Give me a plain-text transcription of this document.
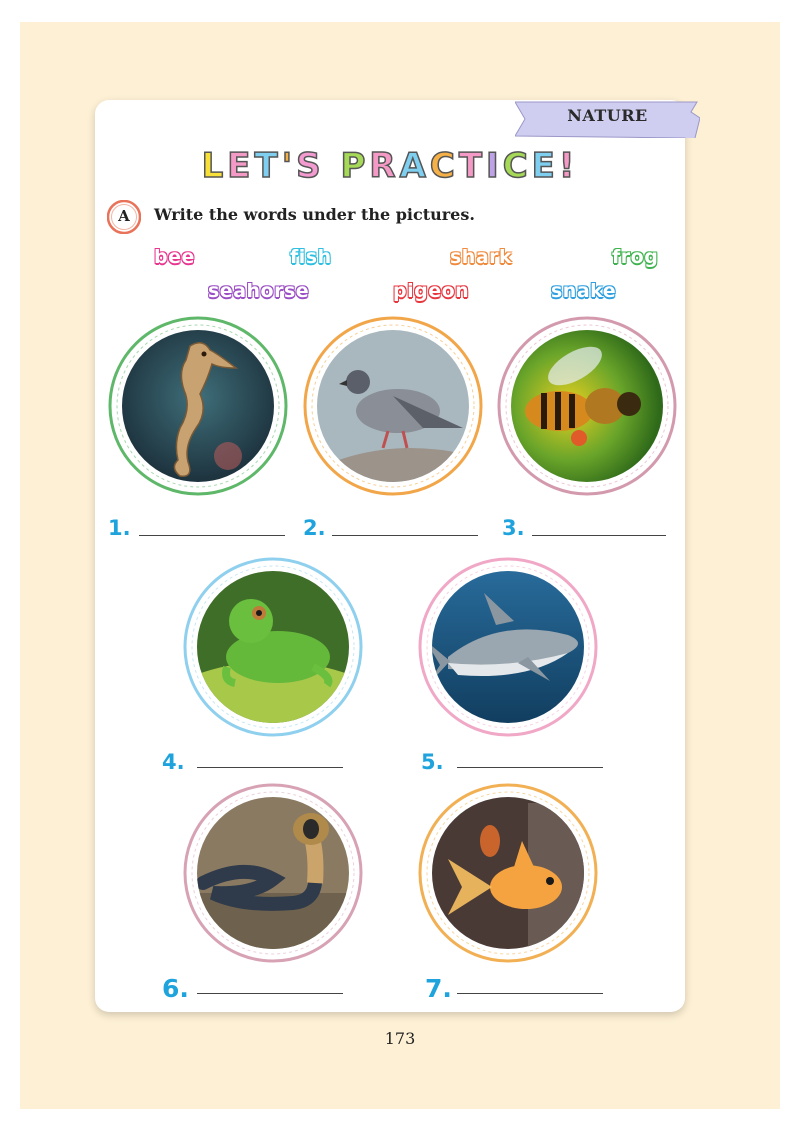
NATURE
LET'S PRACTICE!
A	Write the words under the pictures.
bee	fish	shark	frog
seahorse	pigeon	snake
1.	2.	3.
4.	5.
6.	7.
173
